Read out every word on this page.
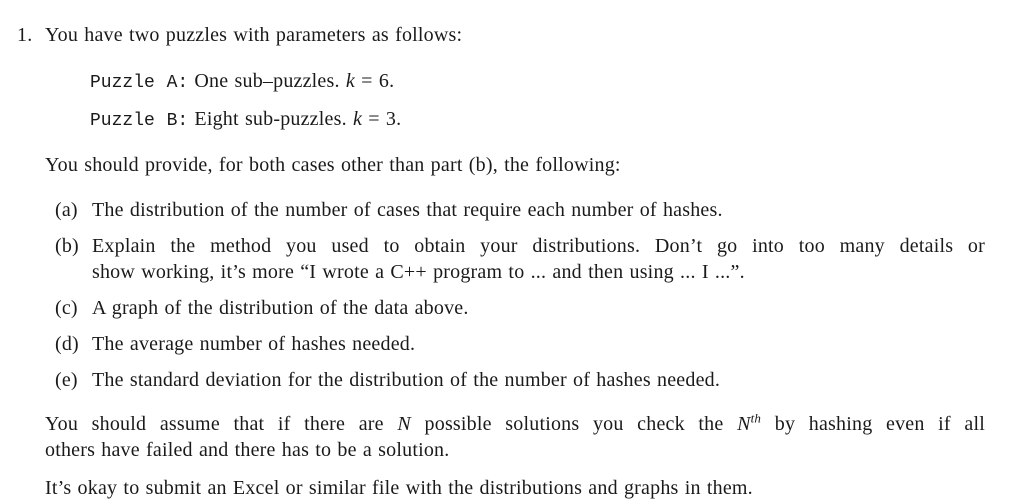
1. You have two puzzles with parameters as follows:

Puzzle A: One sub–puzzles. k = 6.

Puzzle B: Eight sub-puzzles. k = 3.

You should provide, for both cases other than part (b), the following:

(a) The distribution of the number of cases that require each number of hashes.
(b) Explain the method you used to obtain your distributions. Don’t go into too many details or
show working, it’s more “I wrote a C++ program to ... and then using ... I ...”.
(c) A graph of the distribution of the data above.
(d) The average number of hashes needed.
(e) The standard deviation for the distribution of the number of hashes needed.

You should assume that if there are N possible solutions you check the $N^{th}$ by hashing even if all
others have failed and there has to be a solution.

It’s okay to submit an Excel or similar file with the distributions and graphs in them.
